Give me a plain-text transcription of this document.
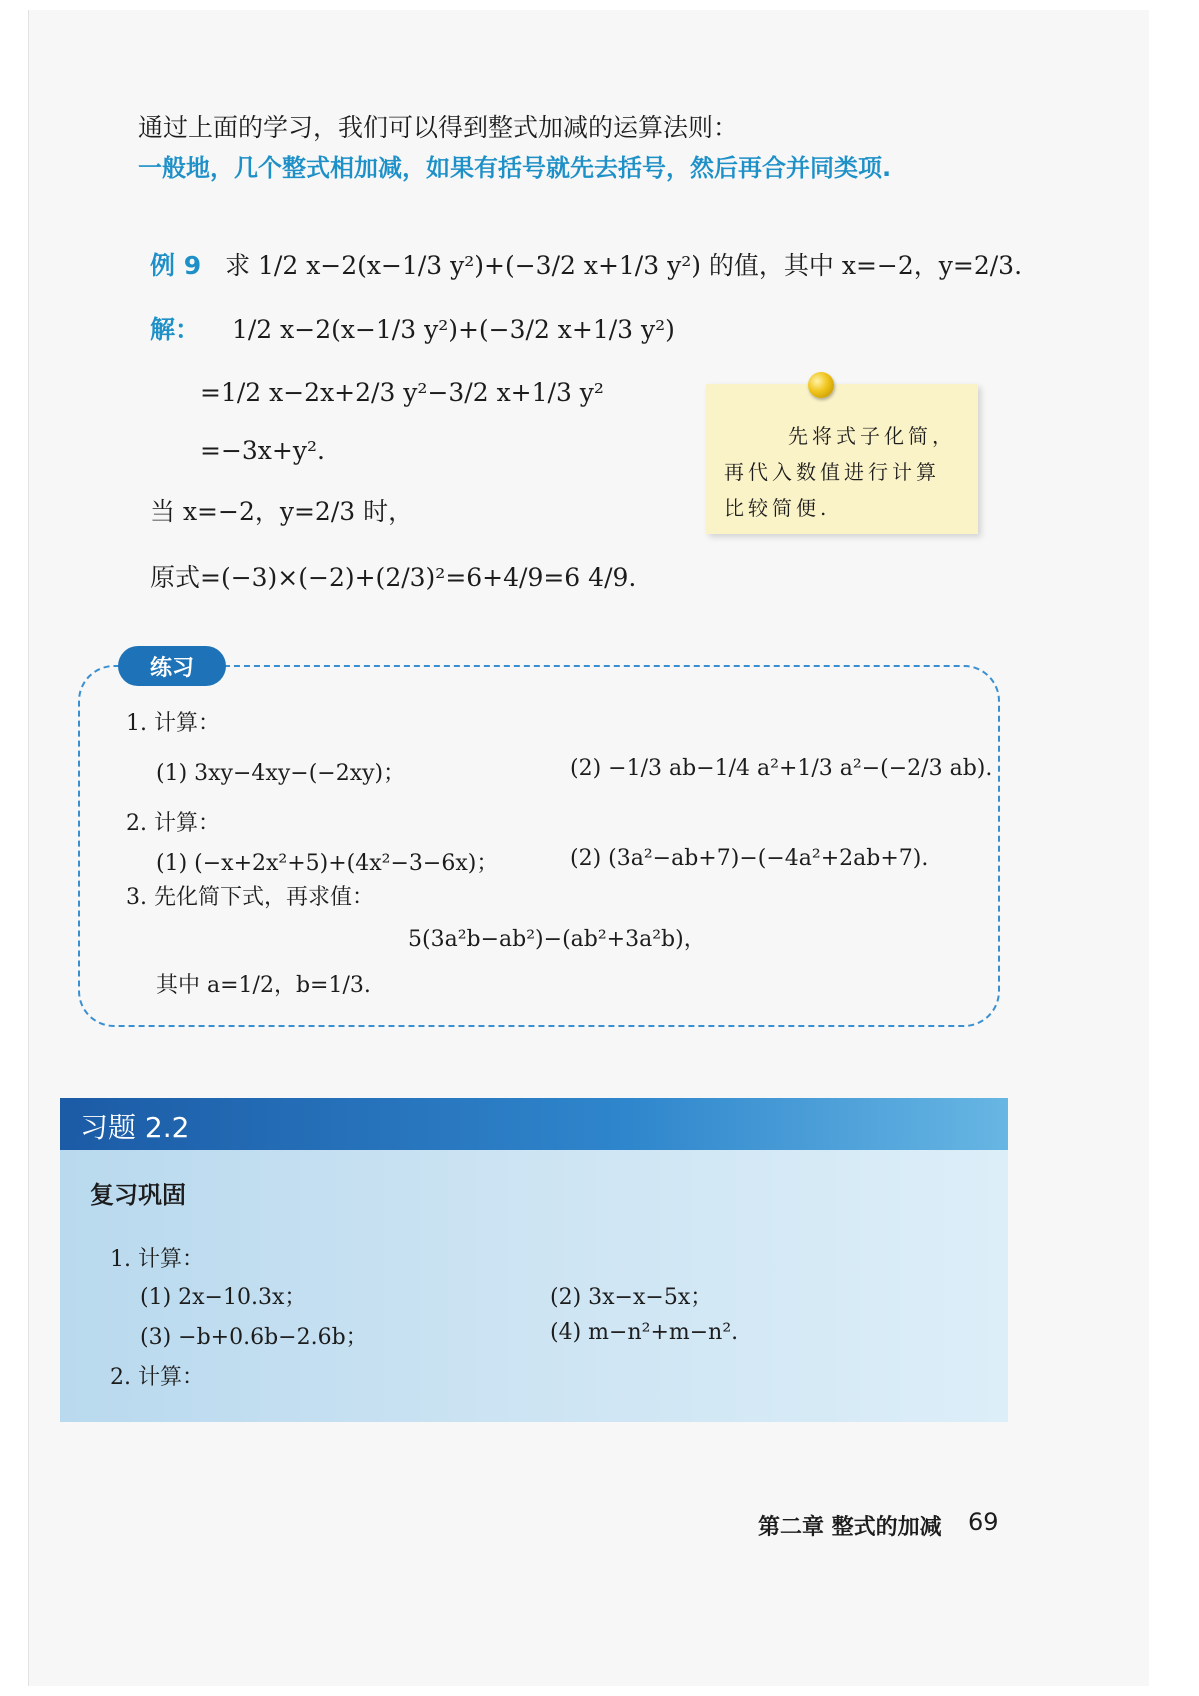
通过上面的学习，我们可以得到整式加减的运算法则：
一般地，几个整式相加减，如果有括号就先去括号，然后再合并同类项.
例 9 求 1/2 x−2(x−1/3 y²)+(−3/2 x+1/3 y²) 的值，其中 x=−2，y=2/3.
解： 1/2 x−2(x−1/3 y²)+(−3/2 x+1/3 y²)
=1/2 x−2x+2/3 y²−3/2 x+1/3 y²
=−3x+y².
当 x=−2，y=2/3 时，
原式=(−3)×(−2)+(2/3)²=6+4/9=6 4/9.
先将式子化简，
再代入数值进行计算
比较简便.
练习
1. 计算：
(1) 3xy−4xy−(−2xy)；	(2) −1/3 ab−1/4 a²+1/3 a²−(−2/3 ab).
2. 计算：
(1) (−x+2x²+5)+(4x²−3−6x)；	(2) (3a²−ab+7)−(−4a²+2ab+7).
3. 先化简下式，再求值：
5(3a²b−ab²)−(ab²+3a²b)，
其中 a=1/2，b=1/3.
习题 2.2
复习巩固
1. 计算：
(1) 2x−10.3x；	(2) 3x−x−5x；
(3) −b+0.6b−2.6b；	(4) m−n²+m−n².
2. 计算：
第二章 整式的加减 69
